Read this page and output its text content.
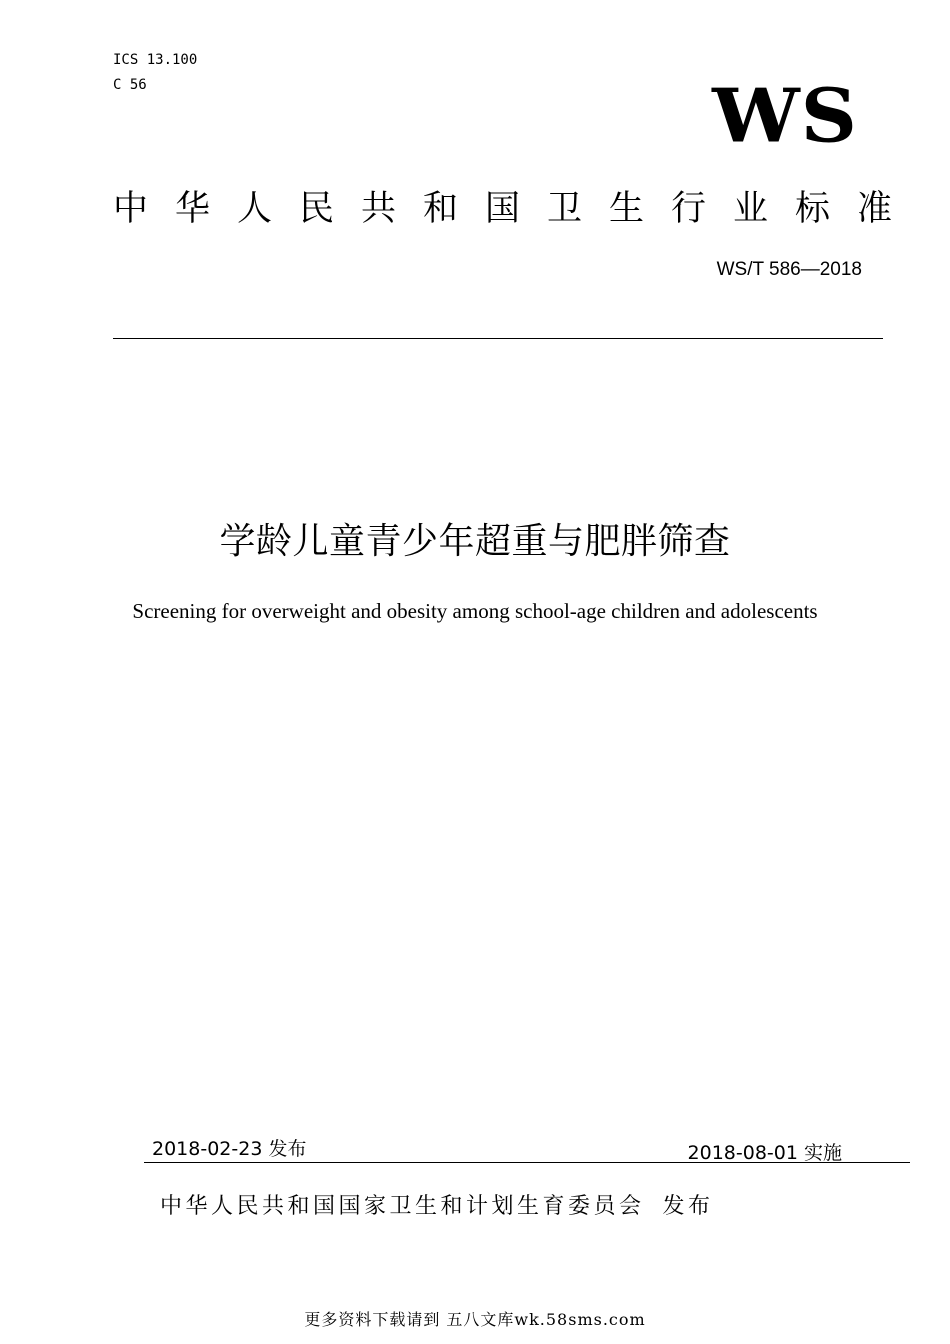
ICS 13.100
C 56	WS
中华人民共和国卫生行业标准
WS/T 586—2018
学龄儿童青少年超重与肥胖筛查
Screening for overweight and obesity among school-age children and adolescents
2018-02-23 发布	2018-08-01 实施
中华人民共和国国家卫生和计划生育委员会 发布
更多资料下载请到 五八文库wk.58sms.com
